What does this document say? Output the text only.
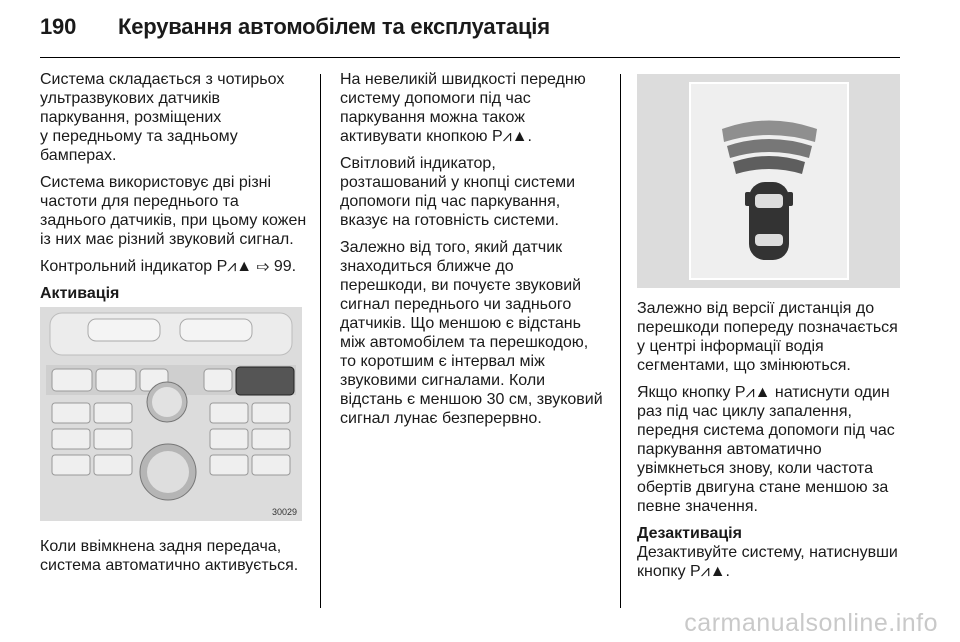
190 Керування автомобілем та експлуатація

Система складається з чотирьох
ультразвукових датчиків
паркування, розміщених
у передньому та задньому
бамперах.

Система використовує дві різні
частоти для переднього та
заднього датчиків, при цьому кожен
із них має різний звуковий сигнал.

Контрольний індикатор P⩘▲ ⇨ 99.

Активація
30029
Коли ввімкнена задня передача,
система автоматично активується.

На невеликій швидкості передню
систему допомоги під час
паркування можна також
активувати кнопкою P⩘▲.

Світловий індикатор,
розташований у кнопці системи
допомоги під час паркування,
вказує на готовність системи.

Залежно від того, який датчик
знаходиться ближче до
перешкоди, ви почуєте звуковий
сигнал переднього чи заднього
датчиків. Що меншою є відстань
між автомобілем та перешкодою,
то коротшим є інтервал між
звуковими сигналами. Коли
відстань є меншою 30 см, звуковий
сигнал лунає безперервно.

Залежно від версії дистанція до
перешкоди попереду позначається
у центрі інформації водія
сегментами, що змінюються.

Якщо кнопку P⩘▲ натиснути один
раз під час циклу запалення,
передня система допомоги під час
паркування автоматично
увімкнеться знову, коли частота
обертів двигуна стане меншою за
певне значення.

Дезактивація

Дезактивуйте систему, натиснувши
кнопку P⩘▲.

carmanualsonline.info
